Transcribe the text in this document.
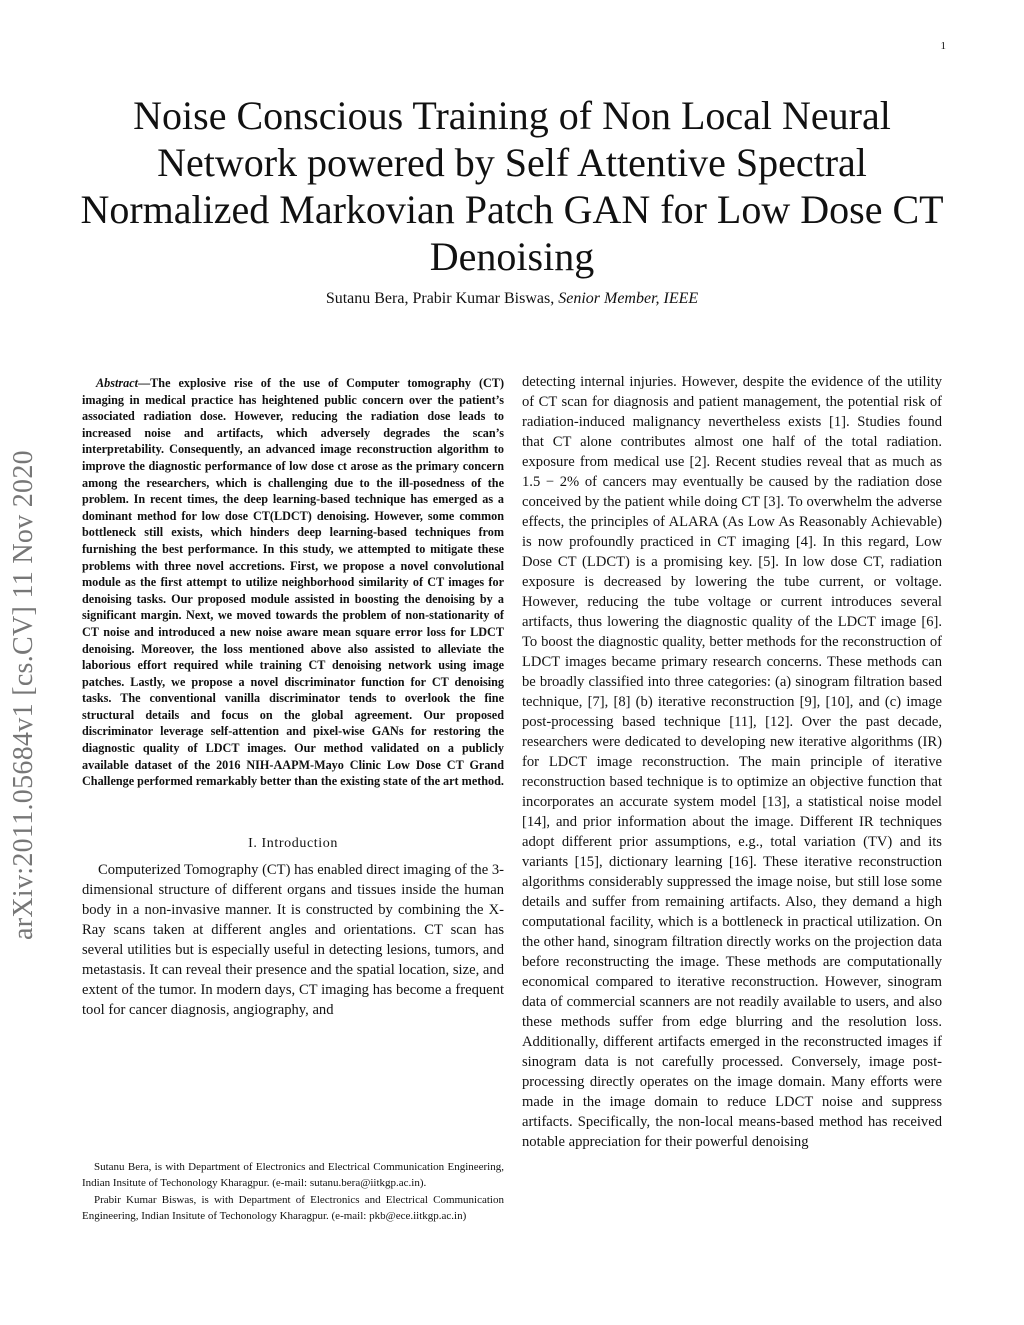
1
arXiv:2011.05684v1 [cs.CV] 11 Nov 2020
Noise Conscious Training of Non Local Neural Network powered by Self Attentive Spectral Normalized Markovian Patch GAN for Low Dose CT Denoising
Sutanu Bera, Prabir Kumar Biswas, Senior Member, IEEE

Abstract—The explosive rise of the use of Computer tomography (CT) imaging in medical practice has heightened public concern over the patient’s associated radiation dose. However, reducing the radiation dose leads to increased noise and artifacts, which adversely degrades the scan’s interpretability. Consequently, an advanced image reconstruction algorithm to improve the diagnostic performance of low dose ct arose as the primary concern among the researchers, which is challenging due to the ill-posedness of the problem. In recent times, the deep learning-based technique has emerged as a dominant method for low dose CT(LDCT) denoising. However, some common bottleneck still exists, which hinders deep learning-based techniques from furnishing the best performance. In this study, we attempted to mitigate these problems with three novel accretions. First, we propose a novel convolutional module as the first attempt to utilize neighborhood similarity of CT images for denoising tasks. Our proposed module assisted in boosting the denoising by a significant margin. Next, we moved towards the problem of non-stationarity of CT noise and introduced a new noise aware mean square error loss for LDCT denoising. Moreover, the loss mentioned above also assisted to alleviate the laborious effort required while training CT denoising network using image patches. Lastly, we propose a novel discriminator function for CT denoising tasks. The conventional vanilla discriminator tends to overlook the fine structural details and focus on the global agreement. Our proposed discriminator leverage self-attention and pixel-wise GANs for restoring the diagnostic quality of LDCT images. Our method validated on a publicly available dataset of the 2016 NIH-AAPM-Mayo Clinic Low Dose CT Grand Challenge performed remarkably better than the existing state of the art method.

I. Introduction

Computerized Tomography (CT) has enabled direct imaging of the 3-dimensional structure of different organs and tissues inside the human body in a non-invasive manner. It is constructed by combining the X-Ray scans taken at different angles and orientations. CT scan has several utilities but is especially useful in detecting lesions, tumors, and metastasis. It can reveal their presence and the spatial location, size, and extent of the tumor. In modern days, CT imaging has become a frequent tool for cancer diagnosis, angiography, and

Sutanu Bera, is with Department of Electronics and Electrical Communication Engineering, Indian Insitute of Techonology Kharagpur. (e-mail: sutanu.bera@iitkgp.ac.in).

Prabir Kumar Biswas, is with Department of Electronics and Electrical Communication Engineering, Indian Insitute of Techonology Kharagpur. (e-mail: pkb@ece.iitkgp.ac.in)

detecting internal injuries. However, despite the evidence of the utility of CT scan for diagnosis and patient management, the potential risk of radiation-induced malignancy nevertheless exists [1]. Studies found that CT alone contributes almost one half of the total radiation. exposure from medical use [2]. Recent studies reveal that as much as 1.5 − 2% of cancers may eventually be caused by the radiation dose conceived by the patient while doing CT [3]. To overwhelm the adverse effects, the principles of ALARA (As Low As Reasonably Achievable) is now profoundly practiced in CT imaging [4]. In this regard, Low Dose CT (LDCT) is a promising key. [5]. In low dose CT, radiation exposure is decreased by lowering the tube current, or voltage. However, reducing the tube voltage or current introduces several artifacts, thus lowering the diagnostic quality of the LDCT image [6]. To boost the diagnostic quality, better methods for the reconstruction of LDCT images became primary research concerns. These methods can be broadly classified into three categories: (a) sinogram filtration based technique, [7], [8] (b) iterative reconstruction [9], [10], and (c) image post-processing based technique [11], [12]. Over the past decade, researchers were dedicated to developing new iterative algorithms (IR) for LDCT image reconstruction. The main principle of iterative reconstruction based technique is to optimize an objective function that incorporates an accurate system model [13], a statistical noise model [14], and prior information about the image. Different IR techniques adopt different prior assumptions, e.g., total variation (TV) and its variants [15], dictionary learning [16]. These iterative reconstruction algorithms considerably suppressed the image noise, but still lose some details and suffer from remaining artifacts. Also, they demand a high computational facility, which is a bottleneck in practical utilization. On the other hand, sinogram filtration directly works on the projection data before reconstructing the image. These methods are computationally economical compared to iterative reconstruction. However, sinogram data of commercial scanners are not readily available to users, and also these methods suffer from edge blurring and the resolution loss. Additionally, different artifacts emerged in the reconstructed images if sinogram data is not carefully processed. Conversely, image post-processing directly operates on the image domain. Many efforts were made in the image domain to reduce LDCT noise and suppress artifacts. Specifically, the non-local means-based method has received notable appreciation for their powerful denoising
